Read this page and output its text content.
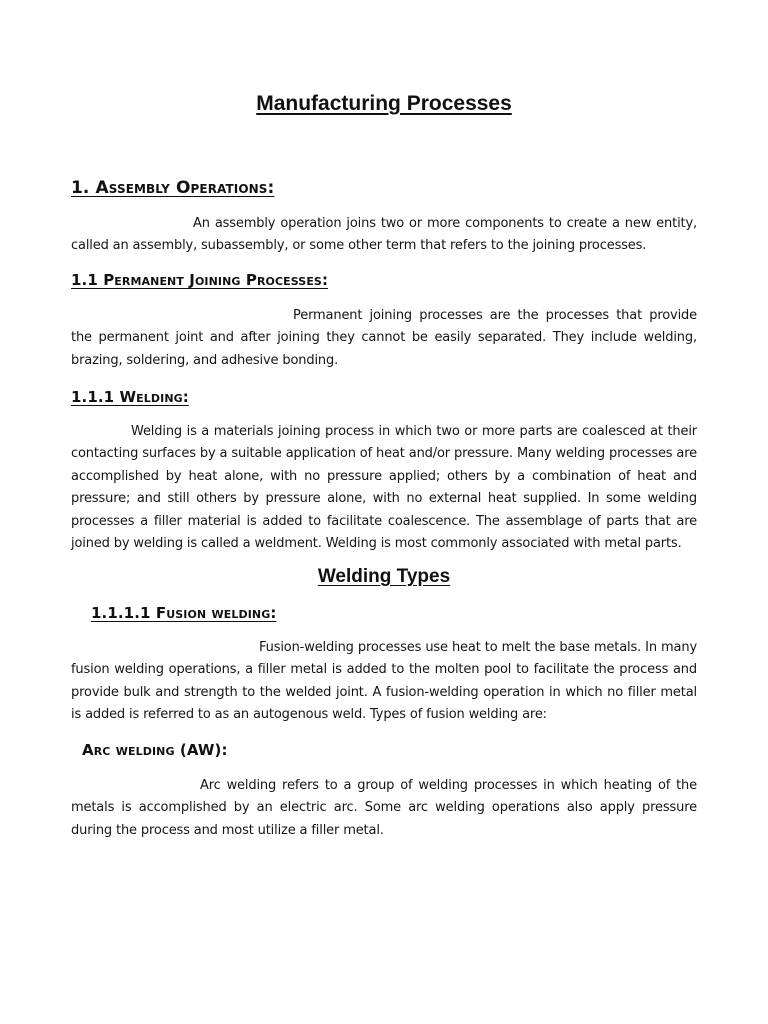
Manufacturing Processes
1. Assembly Operations:

An assembly operation joins two or more components to create a new entity, called an assembly, subassembly, or some other term that refers to the joining processes.

1.1 Permanent Joining Processes:

Permanent joining processes are the processes that provide the permanent joint and after joining they cannot be easily separated. They include welding, brazing, soldering, and adhesive bonding.

1.1.1 Welding:

Welding is a materials joining process in which two or more parts are coalesced at their contacting surfaces by a suitable application of heat and/or pressure. Many welding processes are accomplished by heat alone, with no pressure applied; others by a combination of heat and pressure; and still others by pressure alone, with no external heat supplied. In some welding processes a filler material is added to facilitate coalescence. The assemblage of parts that are joined by welding is called a weldment. Welding is most commonly associated with metal parts.

Welding Types
1.1.1.1 Fusion welding:

Fusion-welding processes use heat to melt the base metals. In many fusion welding operations, a filler metal is added to the molten pool to facilitate the process and provide bulk and strength to the welded joint. A fusion-welding operation in which no filler metal is added is referred to as an autogenous weld. Types of fusion welding are:

Arc welding (AW):

Arc welding refers to a group of welding processes in which heating of the metals is accomplished by an electric arc. Some arc welding operations also apply pressure during the process and most utilize a filler metal.
